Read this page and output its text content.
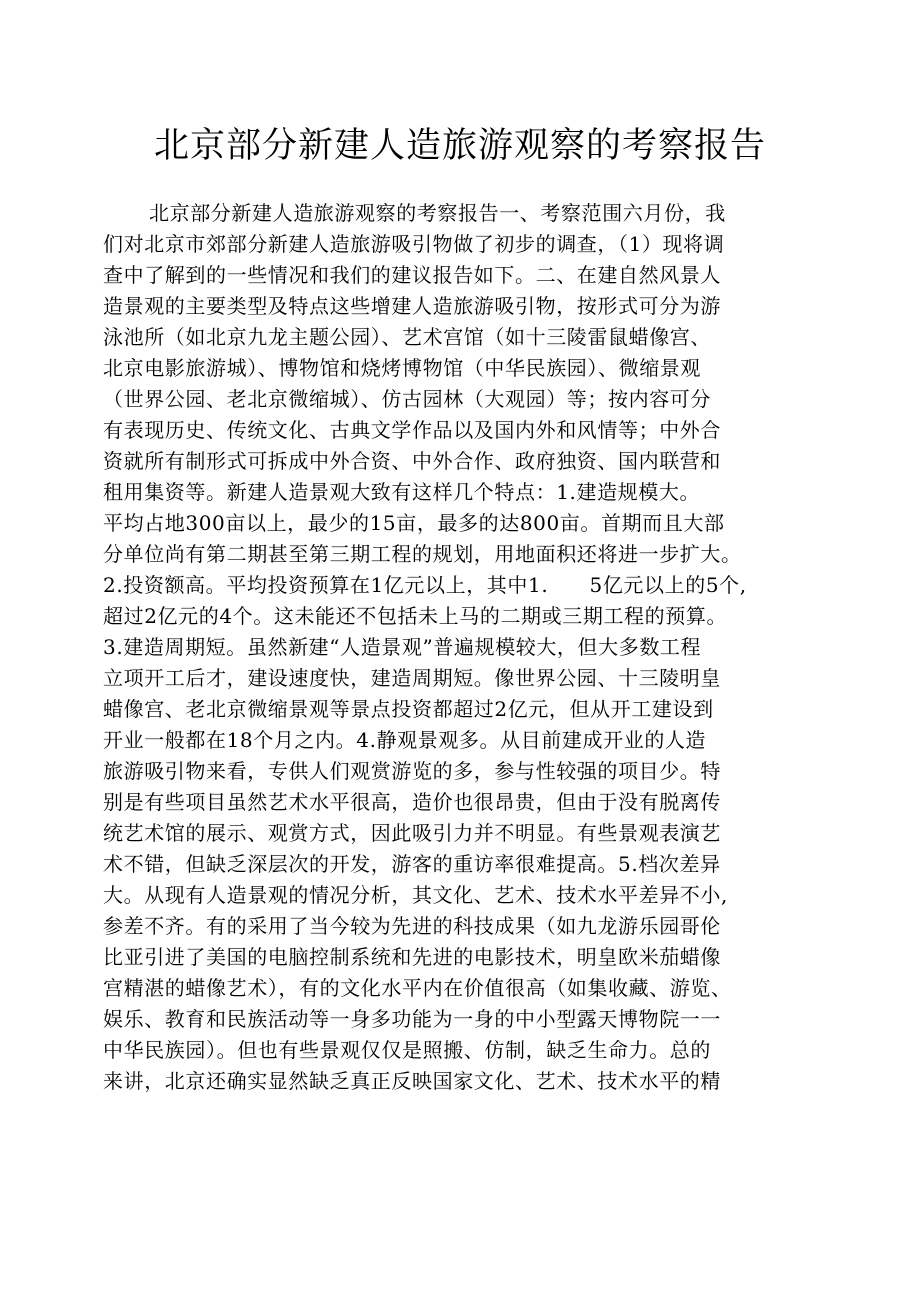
北京部分新建人造旅游观察的考察报告
北京部分新建人造旅游观察的考察报告一、考察范围六月份，我
们对北京市郊部分新建人造旅游吸引物做了初步的调查，（1）现将调
查中了解到的一些情况和我们的建议报告如下。二、在建自然风景人
造景观的主要类型及特点这些增建人造旅游吸引物，按形式可分为游
泳池所（如北京九龙主题公园）、艺术宫馆（如十三陵雷鼠蜡像宫、
北京电影旅游城）、博物馆和烧烤博物馆（中华民族园）、微缩景观
（世界公园、老北京微缩城）、仿古园林（大观园）等；按内容可分
有表现历史、传统文化、古典文学作品以及国内外和风情等；中外合
资就所有制形式可拆成中外合资、中外合作、政府独资、国内联营和
租用集资等。新建人造景观大致有这样几个特点：1.建造规模大。
平均占地300亩以上，最少的15亩，最多的达800亩。首期而且大部
分单位尚有第二期甚至第三期工程的规划，用地面积还将进一步扩大。
2.投资额高。平均投资预算在1亿元以上，其中1.　　5亿元以上的5个,
超过2亿元的4个。这未能还不包括未上马的二期或三期工程的预算。
3.建造周期短。虽然新建“人造景观”普遍规模较大，但大多数工程
立项开工后才，建设速度快，建造周期短。像世界公园、十三陵明皇
蜡像宫、老北京微缩景观等景点投资都超过2亿元，但从开工建设到
开业一般都在18个月之内。4.静观景观多。从目前建成开业的人造
旅游吸引物来看，专供人们观赏游览的多，参与性较强的项目少。特
别是有些项目虽然艺术水平很高，造价也很昂贵，但由于没有脱离传
统艺术馆的展示、观赏方式，因此吸引力并不明显。有些景观表演艺
术不错，但缺乏深层次的开发，游客的重访率很难提高。5.档次差异
大。从现有人造景观的情况分析，其文化、艺术、技术水平差异不小,
参差不齐。有的采用了当今较为先进的科技成果（如九龙游乐园哥伦
比亚引进了美国的电脑控制系统和先进的电影技术，明皇欧米茄蜡像
宫精湛的蜡像艺术），有的文化水平内在价值很高（如集收藏、游览、
娱乐、教育和民族活动等一身多功能为一身的中小型露天博物院一一
中华民族园）。但也有些景观仅仅是照搬、仿制，缺乏生命力。总的
来讲，北京还确实显然缺乏真正反映国家文化、艺术、技术水平的精
